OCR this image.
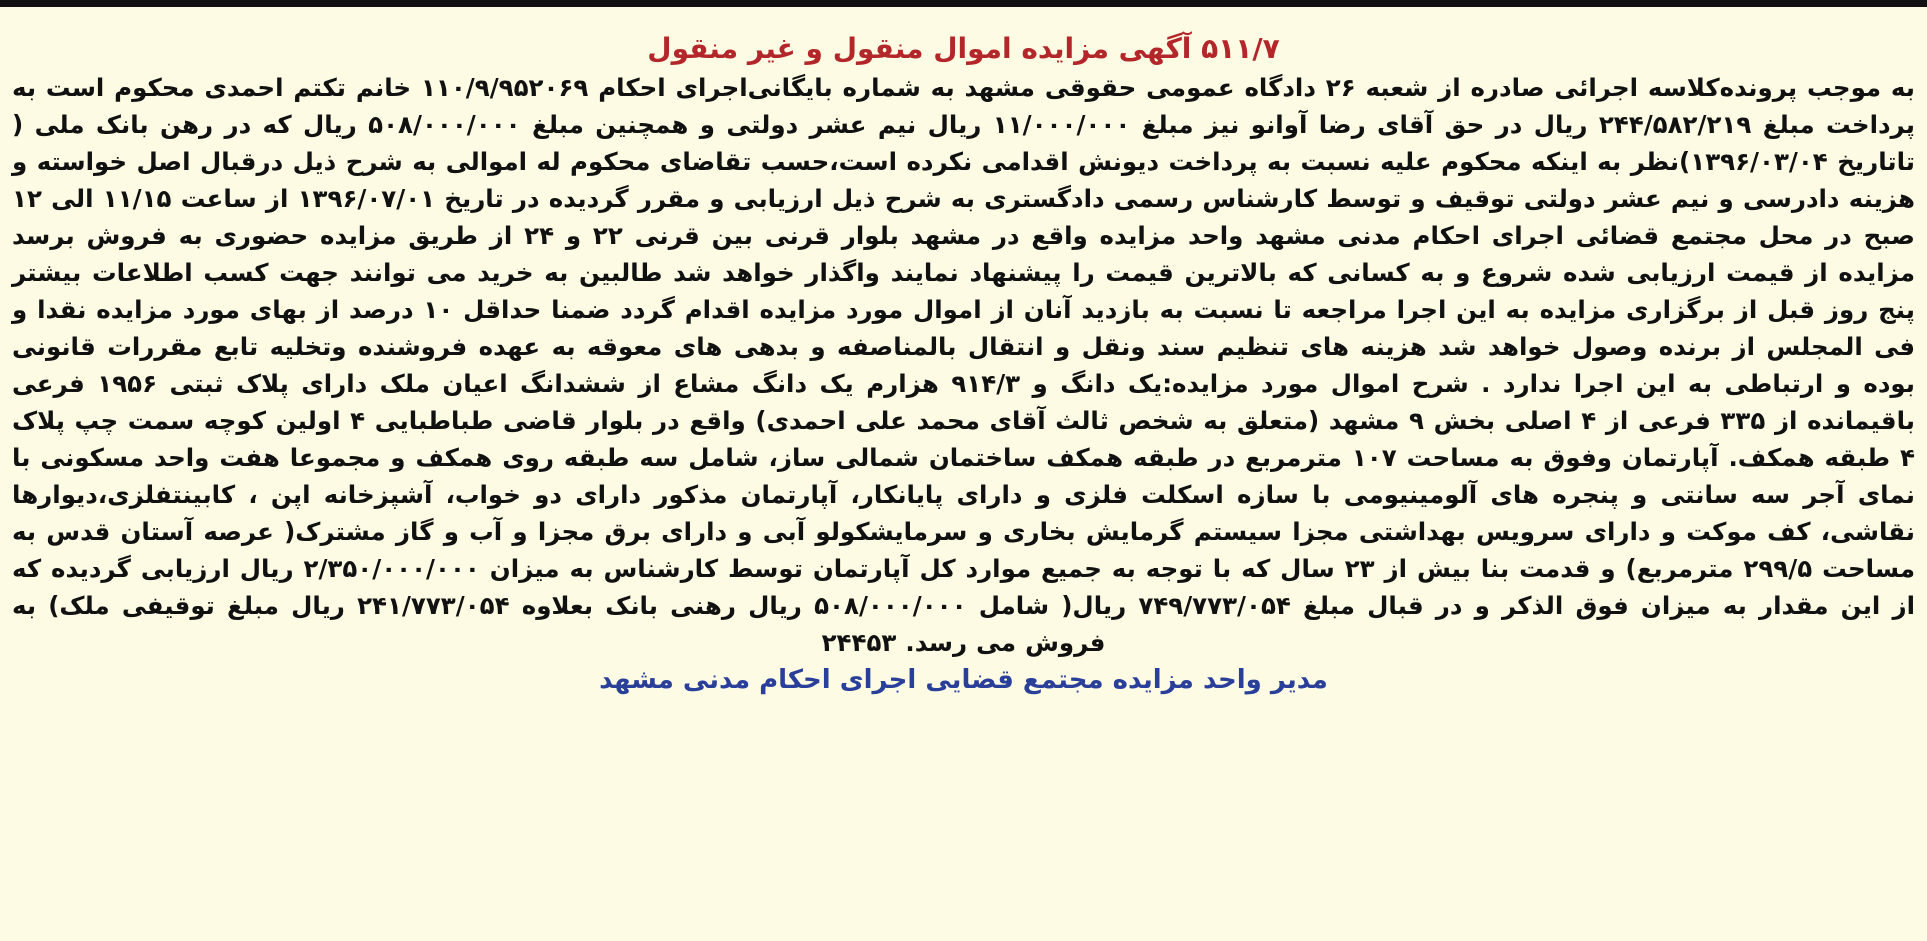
۵۱۱/۷ آگهی مزایده اموال منقول و غیر منقول

به موجب پرونده‌کلاسه اجرائی صادره از شعبه ۲۶ دادگاه عمومی حقوقی مشهد به شماره بایگانی‌اجرای احکام ۱۱۰/۹/۹۵۲۰۶۹ خانم تکتم احمدی محکوم است به پرداخت مبلغ ۲۴۴/۵۸۲/۲۱۹ ریال در حق آقای رضا آوانو نیز مبلغ ۱۱/۰۰۰/۰۰۰ ریال نیم عشر دولتی و همچنین مبلغ ۵۰۸/۰۰۰/۰۰۰ ریال که در رهن بانک ملی ( تاتاریخ ۱۳۹۶/۰۳/۰۴)نظر به اینکه محکوم علیه نسبت به پرداخت دیونش اقدامی نکرده است،حسب تقاضای محکوم له اموالی به شرح ذیل درقبال اصل خواسته و هزینه دادرسی و نیم عشر دولتی توقیف و توسط کارشناس رسمی دادگستری به شرح ذیل ارزیابی و مقرر گردیده در تاریخ ۱۳۹۶/۰۷/۰۱ از ساعت ۱۱/۱۵ الی ۱۲ صبح در محل مجتمع قضائی اجرای احکام مدنی مشهد واحد مزایده واقع در مشهد بلوار قرنی بین قرنی ۲۲ و ۲۴ از طریق مزایده حضوری به فروش برسد مزایده از قیمت ارزیابی شده شروع و به کسانی که بالاترین قیمت را پیشنهاد نمایند واگذار خواهد شد طالبین به خرید می توانند جهت کسب اطلاعات بیشتر پنج روز قبل از برگزاری مزایده به این اجرا مراجعه تا نسبت به بازدید آنان از اموال مورد مزایده اقدام گردد ضمنا حداقل ۱۰ درصد از بهای مورد مزایده نقدا و فی المجلس از برنده وصول خواهد شد هزینه های تنظیم سند ونقل و انتقال بالمناصفه و بدهی های معوقه به عهده فروشنده وتخلیه تابع مقررات قانونی بوده و ارتباطی به این اجرا ندارد . شرح اموال مورد مزایده:یک دانگ و ۹۱۴/۳ هزارم یک دانگ مشاع از ششدانگ اعیان ملک دارای پلاک ثبتی ۱۹۵۶ فرعی باقیمانده از ۳۳۵ فرعی از ۴ اصلی بخش ۹ مشهد (متعلق به شخص ثالث آقای محمد علی احمدی) واقع در بلوار قاضی طباطبایی ۴ اولین کوچه سمت چپ پلاک ۴ طبقه همکف. آپارتمان وفوق به مساحت ۱۰۷ مترمربع در طبقه همکف ساختمان شمالی ساز، شامل سه طبقه روی همکف و مجموعا هفت واحد مسکونی با نمای آجر سه سانتی و پنجره های آلومینیومی با سازه اسکلت فلزی و دارای پایانکار، آپارتمان مذکور دارای دو خواب، آشپزخانه اپن ، کابینتفلزی،دیوارها نقاشی، کف موکت و دارای سرویس بهداشتی مجزا سیستم گرمایش بخاری و سرمایشکولو آبی و دارای برق مجزا و آب و گاز مشترک( عرصه آستان قدس به مساحت ۲۹۹/۵ مترمربع) و قدمت بنا بیش از ۲۳ سال که با توجه به جمیع موارد کل آپارتمان توسط کارشناس به میزان ۲/۳۵۰/۰۰۰/۰۰۰ ریال ارزیابی گردیده که از این مقدار به میزان فوق الذکر و در قبال مبلغ ۷۴۹/۷۷۳/۰۵۴ ریال( شامل ۵۰۸/۰۰۰/۰۰۰ ریال رهنی بانک بعلاوه ۲۴۱/۷۷۳/۰۵۴ ریال مبلغ توقیفی ملک) به فروش می رسد. ۲۴۴۵۳

مدیر واحد مزایده مجتمع قضایی اجرای احکام مدنی مشهد
